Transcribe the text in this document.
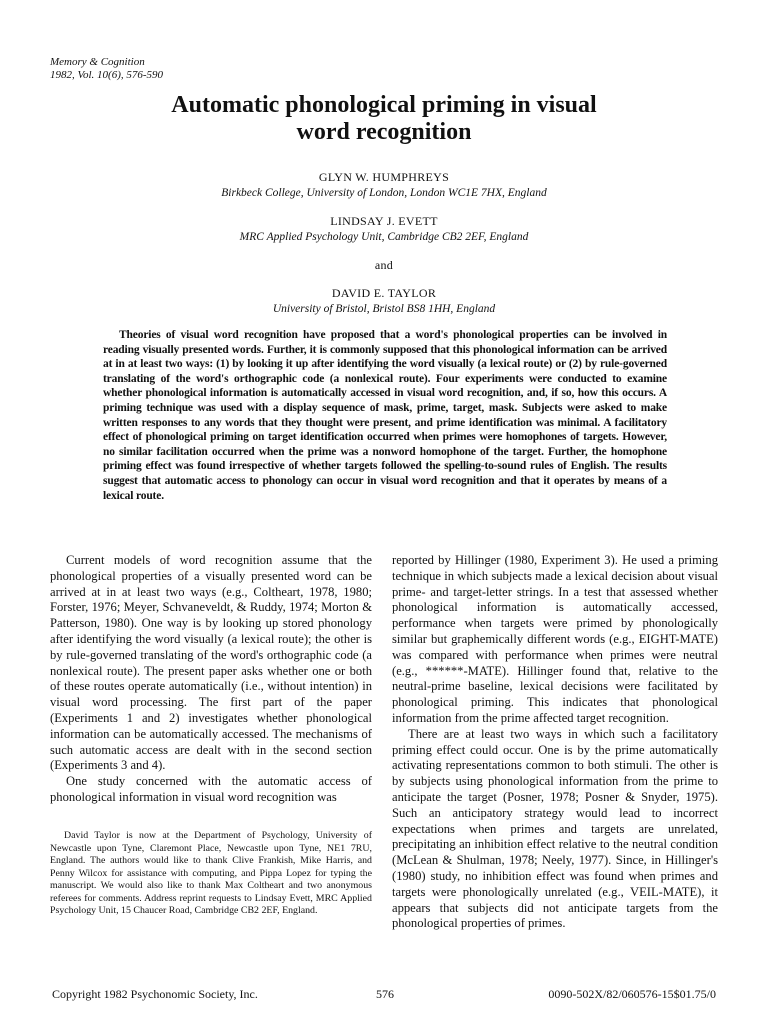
Memory & Cognition
1982, Vol. 10(6), 576-590
Automatic phonological priming in visual
word recognition
GLYN W. HUMPHREYS
Birkbeck College, University of London, London WC1E 7HX, England
LINDSAY J. EVETT
MRC Applied Psychology Unit, Cambridge CB2 2EF, England
and
DAVID E. TAYLOR
University of Bristol, Bristol BS8 1HH, England
Theories of visual word recognition have proposed that a word's phonological properties can be involved in reading visually presented words. Further, it is commonly supposed that this phonological information can be arrived at in at least two ways: (1) by looking it up after identifying the word visually (a lexical route) or (2) by rule-governed translating of the word's orthographic code (a nonlexical route). Four experiments were conducted to examine whether phonological information is automatically accessed in visual word recognition, and, if so, how this occurs. A priming technique was used with a display sequence of mask, prime, target, mask. Subjects were asked to make written responses to any words that they thought were present, and prime identification was minimal. A facilitatory effect of phonological priming on target identification occurred when primes were homophones of targets. However, no similar facilitation occurred when the prime was a nonword homophone of the target. Further, the homophone priming effect was found irrespective of whether targets followed the spelling-to-sound rules of English. The results suggest that automatic access to phonology can occur in visual word recognition and that it operates by means of a lexical route.

Current models of word recognition assume that the phonological properties of a visually presented word can be arrived at in at least two ways (e.g., Coltheart, 1978, 1980; Forster, 1976; Meyer, Schvaneveldt, & Ruddy, 1974; Morton & Patterson, 1980). One way is by looking up stored phonology after identifying the word visually (a lexical route); the other is by rule-governed translating of the word's orthographic code (a nonlexical route). The present paper asks whether one or both of these routes operate automatically (i.e., without intention) in visual word processing. The first part of the paper (Experiments 1 and 2) investigates whether phonological information can be automatically accessed. The mechanisms of such automatic access are dealt with in the second section (Experiments 3 and 4).

One study concerned with the automatic access of phonological information in visual word recognition was

David Taylor is now at the Department of Psychology, University of Newcastle upon Tyne, Claremont Place, Newcastle upon Tyne, NE1 7RU, England. The authors would like to thank Clive Frankish, Mike Harris, and Penny Wilcox for assistance with computing, and Pippa Lopez for typing the manuscript. We would also like to thank Max Coltheart and two anonymous referees for comments. Address reprint requests to Lindsay Evett, MRC Applied Psychology Unit, 15 Chaucer Road, Cambridge CB2 2EF, England.

reported by Hillinger (1980, Experiment 3). He used a priming technique in which subjects made a lexical decision about visual prime- and target-letter strings. In a test that assessed whether phonological information is automatically accessed, performance when targets were primed by phonologically similar but graphemically different words (e.g., EIGHT-MATE) was compared with performance when primes were neutral (e.g., ******-MATE). Hillinger found that, relative to the neutral-prime baseline, lexical decisions were facilitated by phonological priming. This indicates that phonological information from the prime affected target recognition.

There are at least two ways in which such a facilitatory priming effect could occur. One is by the prime automatically activating representations common to both stimuli. The other is by subjects using phonological information from the prime to anticipate the target (Posner, 1978; Posner & Snyder, 1975). Such an anticipatory strategy would lead to incorrect expectations when primes and targets are unrelated, precipitating an inhibition effect relative to the neutral condition (McLean & Shulman, 1978; Neely, 1977). Since, in Hillinger's (1980) study, no inhibition effect was found when primes and targets were phonologically unrelated (e.g., VEIL-MATE), it appears that subjects did not anticipate targets from the phonological properties of primes.

Copyright 1982 Psychonomic Society, Inc.	576	0090-502X/82/060576-15$01.75/0
